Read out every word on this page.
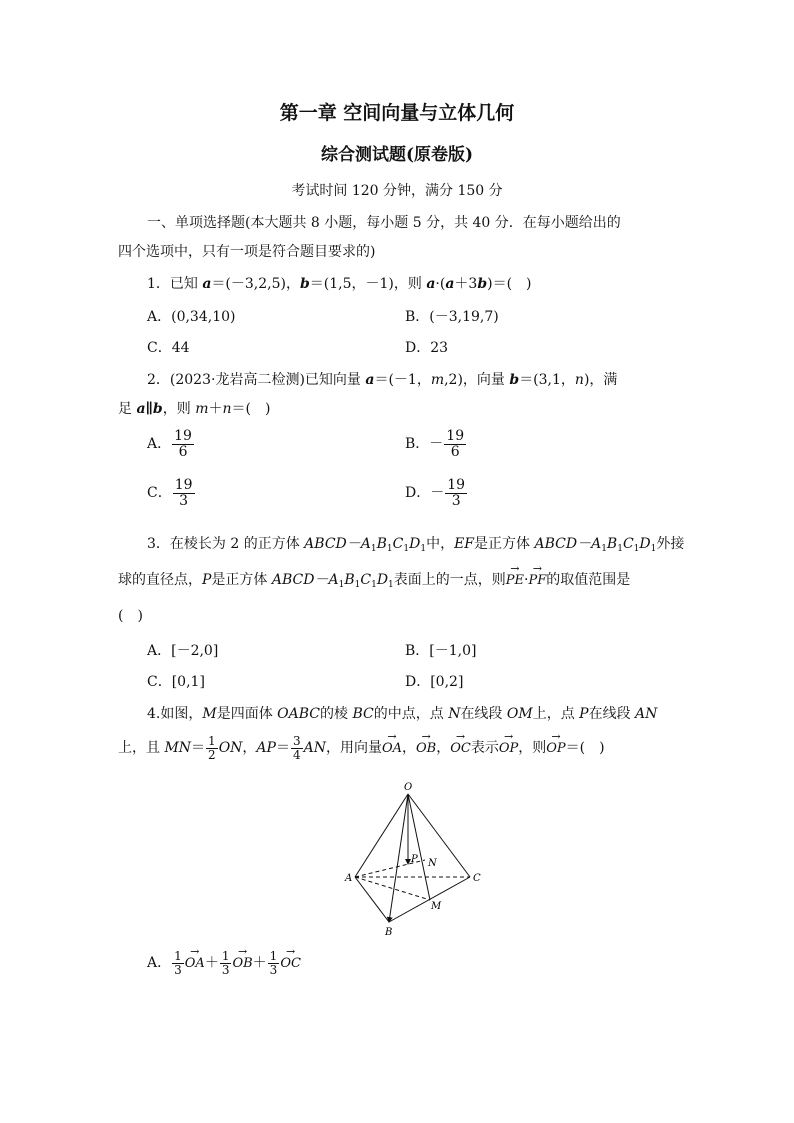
第一章 空间向量与立体几何
综合测试题(原卷版)
考试时间 120 分钟，满分 150 分
一、单项选择题(本大题共 8 小题，每小题 5 分，共 40 分．在每小题给出的
四个选项中，只有一项是符合题目要求的)
1．已知 a＝(－3,2,5)，b＝(1,5，－1)，则 a·(a＋3b)＝(　)
A．(0,34,10)	B．(－3,19,7)
C．44	D．23
2．(2023·龙岩高二检测)已知向量 a＝(－1，m,2)，向量 b＝(3,1，n)，满
足 a∥b，则 m＋n＝(　)
A． $\frac{19}{6}$	B．－ $\frac{19}{6}$
C． $\frac{19}{3}$	D．－ $\frac{19}{3}$
3．在棱长为 2 的正方体 $ABCD-A_1B_1C_1D_1$中，EF是正方体 $ABCD-A_1B_1C_1D_1$外接
球的直径点，P是正方体 $ABCD-A_1B_1C_1D_1$表面上的一点，则→ PE·→ PF的取值范围是
(　)
A．[－2,0]	B．[－1,0]
C．[0,1]	D．[0,2]
4.如图，M是四面体 OABC的棱 BC的中点，点 N在线段 OM上，点 P在线段 AN
上，且 $MN= \frac{1}{2}$ ON，$AP= \frac{3}{4}$ AN，用向量→ OA，→ OB，→ OC表示→ OP，则→ OP＝(　)
O
P N
A	C
M
B
A． $\frac{1}{3}$
→ $OA+ \frac{1}{3}$
→ $OB+ \frac{1}{3}$
→ OC
